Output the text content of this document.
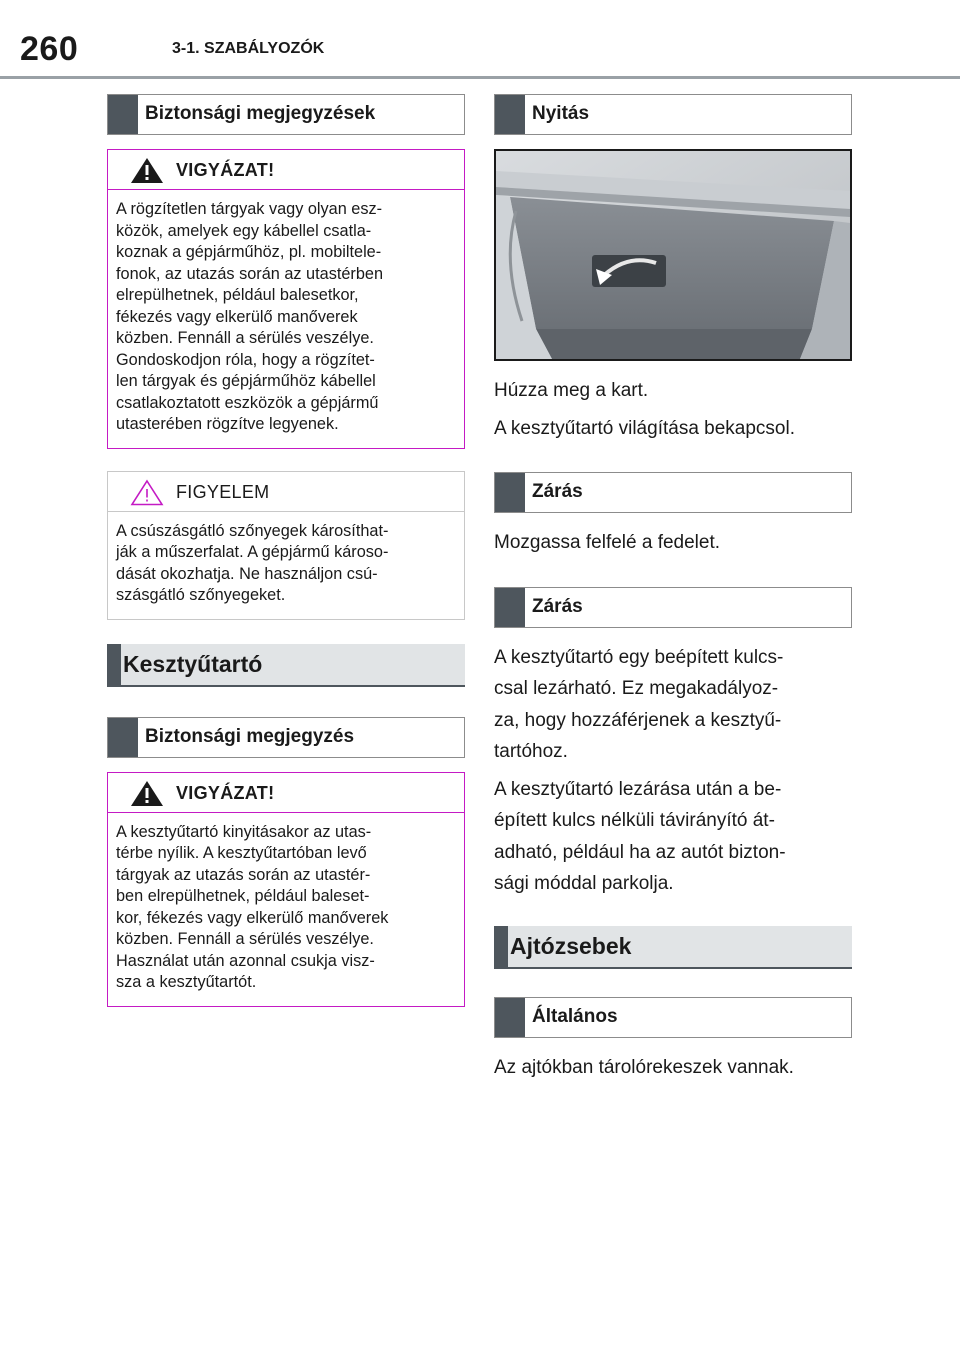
260	3-1. SZABÁLYOZÓK
Biztonsági megjegyzések
VIGYÁZAT!
A rögzítetlen tárgyak vagy olyan esz-
közök, amelyek egy kábellel csatla-
koznak a gépjárműhöz, pl. mobiltele-
fonok, az utazás során az utastérben
elrepülhetnek, például balesetkor,
fékezés vagy elkerülő manőverek
közben. Fennáll a sérülés veszélye.
Gondoskodjon róla, hogy a rögzítet-
len tárgyak és gépjárműhöz kábellel
csatlakoztatott eszközök a gépjármű
utasterében rögzítve legyenek.
FIGYELEM
A csúszásgátló szőnyegek károsíthat-
ják a műszerfalat. A gépjármű károso-
dását okozhatja. Ne használjon csú-
szásgátló szőnyegeket.
Kesztyűtartó
Biztonsági megjegyzés
VIGYÁZAT!
A kesztyűtartó kinyitásakor az utas-
térbe nyílik. A kesztyűtartóban levő
tárgyak az utazás során az utastér-
ben elrepülhetnek, például baleset-
kor, fékezés vagy elkerülő manőverek
közben. Fennáll a sérülés veszélye.
Használat után azonnal csukja visz-
sza a kesztyűtartót.
Nyitás

Húzza meg a kart.

A kesztyűtartó világítása bekapcsol.

Zárás

Mozgassa felfelé a fedelet.

Zárás

A kesztyűtartó egy beépített kulcs-
csal lezárható. Ez megakadályoz-
za, hogy hozzáférjenek a kesztyű-
tartóhoz.

A kesztyűtartó lezárása után a be-
épített kulcs nélküli távirányító át-
adható, például ha az autót bizton-
sági móddal parkolja.

Ajtózsebek
Általános

Az ajtókban tárolórekeszek vannak.
